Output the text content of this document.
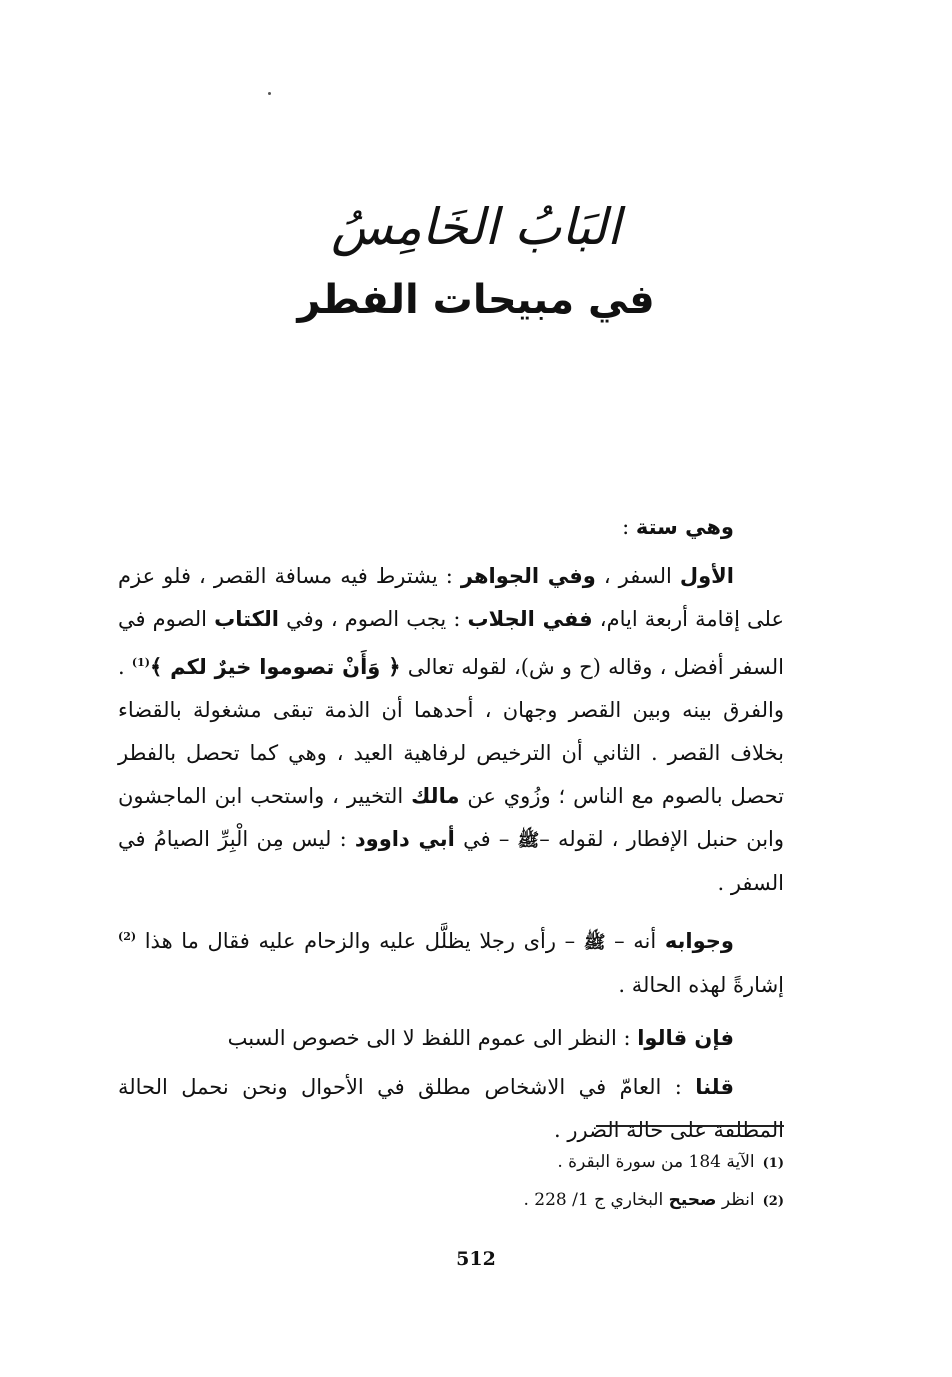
البَابُ الخَامِسُ
في مبيحات الفطر

وهي ستة :

الأول السفر ، وفي الجواهر : يشترط فيه مسافة القصر ، فلو عزم على إقامة أربعة ايام، ففي الجلاب : يجب الصوم ، وفي الكتاب الصوم في السفر أفضل ، وقاله (ح و ش)، لقوله تعالى ﴿ وَأَنْ تصوموا خيرٌ لكم ﴾$^{(1)}$ . والفرق بينه وبين القصر وجهان ، أحدهما أن الذمة تبقى مشغولة بالقضاء بخلاف القصر . الثاني أن الترخيص لرفاهية العيد ، وهي كما تحصل بالفطر تحصل بالصوم مع الناس ؛ وزُوي عن مالك التخيير ، واستحب ابن الماجشون وابن حنبل الإفطار ، لقوله –ﷺ – في أبي داوود : ليس مِن الْبِرِّ الصيامُ في السفر .

وجوابه أنه – ﷺ – رأى رجلا يظلَّل عليه والزحام عليه فقال ما هذا $^{(2)}$ إشارةً لهذه الحالة .

فإن قالوا : النظر الى عموم اللفظ لا الى خصوص السبب

قلنا : العامّ في الاشخاص مطلق في الأحوال ونحن نحمل الحالة المطلقة على حالة الضرر .

(1)الآية 184 من سورة البقرة .

(2)انظر صحيح البخاري ج 1/ 228 .

512
